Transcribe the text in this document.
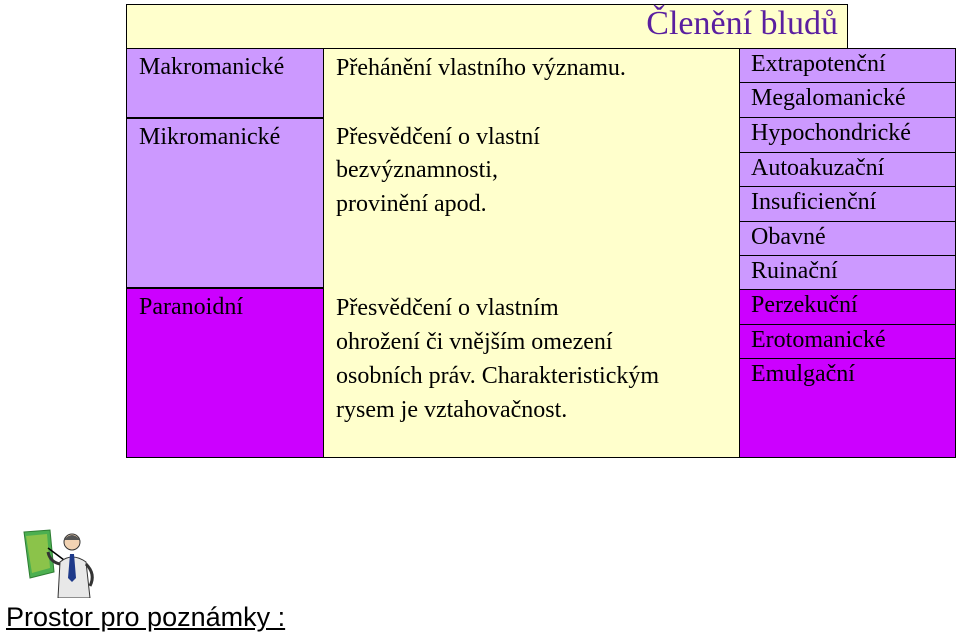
Členění bludů
Makromanické
Mikromanické
Paranoidní
Přehánění vlastního významu.
Přesvědčení o vlastní
bezvýznamnosti,
provinění apod.
Přesvědčení o vlastním
ohrožení či vnějším omezení
osobních práv. Charakteristickým
rysem je vztahovačnost.
Extrapotenční
Megalomanické
Hypochondrické
Autoakuzační
Insuficienční
Obavné
Ruinační
Perzekuční
Erotomanické
Emulgační
Prostor pro poznámky :
